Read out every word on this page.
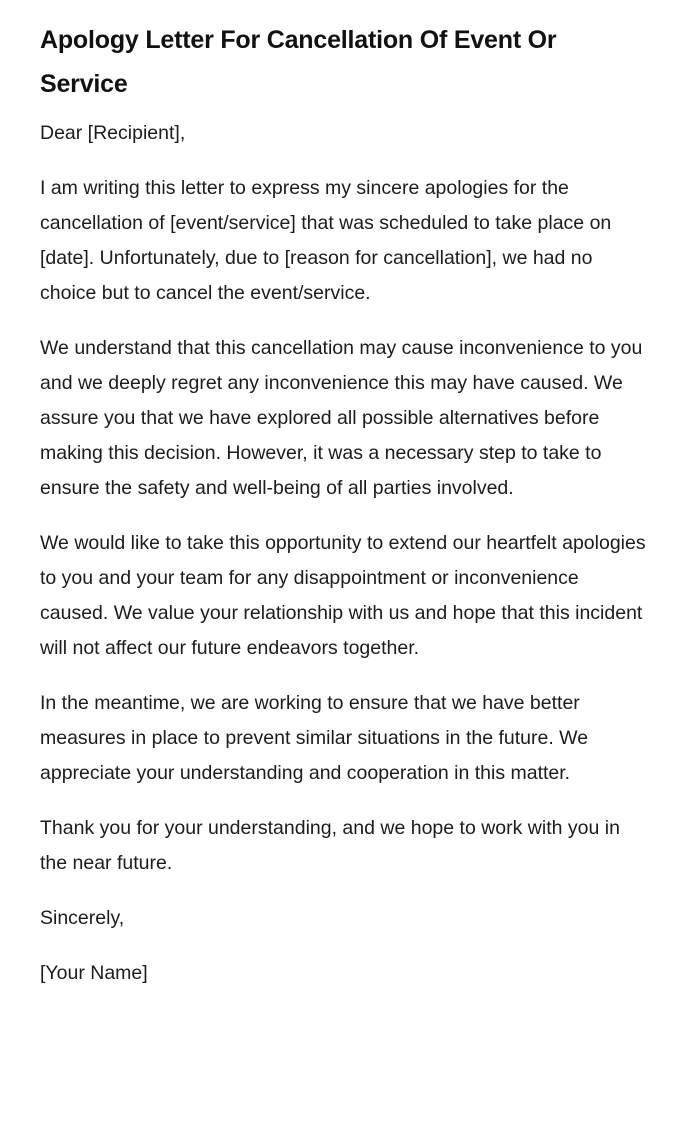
Apology Letter For Cancellation Of Event Or Service

Dear [Recipient],

I am writing this letter to express my sincere apologies for the cancellation of [event/service] that was scheduled to take place on [date]. Unfortunately, due to [reason for cancellation], we had no choice but to cancel the event/service.

We understand that this cancellation may cause inconvenience to you and we deeply regret any inconvenience this may have caused. We assure you that we have explored all possible alternatives before making this decision. However, it was a necessary step to take to ensure the safety and well-being of all parties involved.

We would like to take this opportunity to extend our heartfelt apologies to you and your team for any disappointment or inconvenience caused. We value your relationship with us and hope that this incident will not affect our future endeavors together.

In the meantime, we are working to ensure that we have better measures in place to prevent similar situations in the future. We appreciate your understanding and cooperation in this matter.

Thank you for your understanding, and we hope to work with you in the near future.

Sincerely,

[Your Name]
